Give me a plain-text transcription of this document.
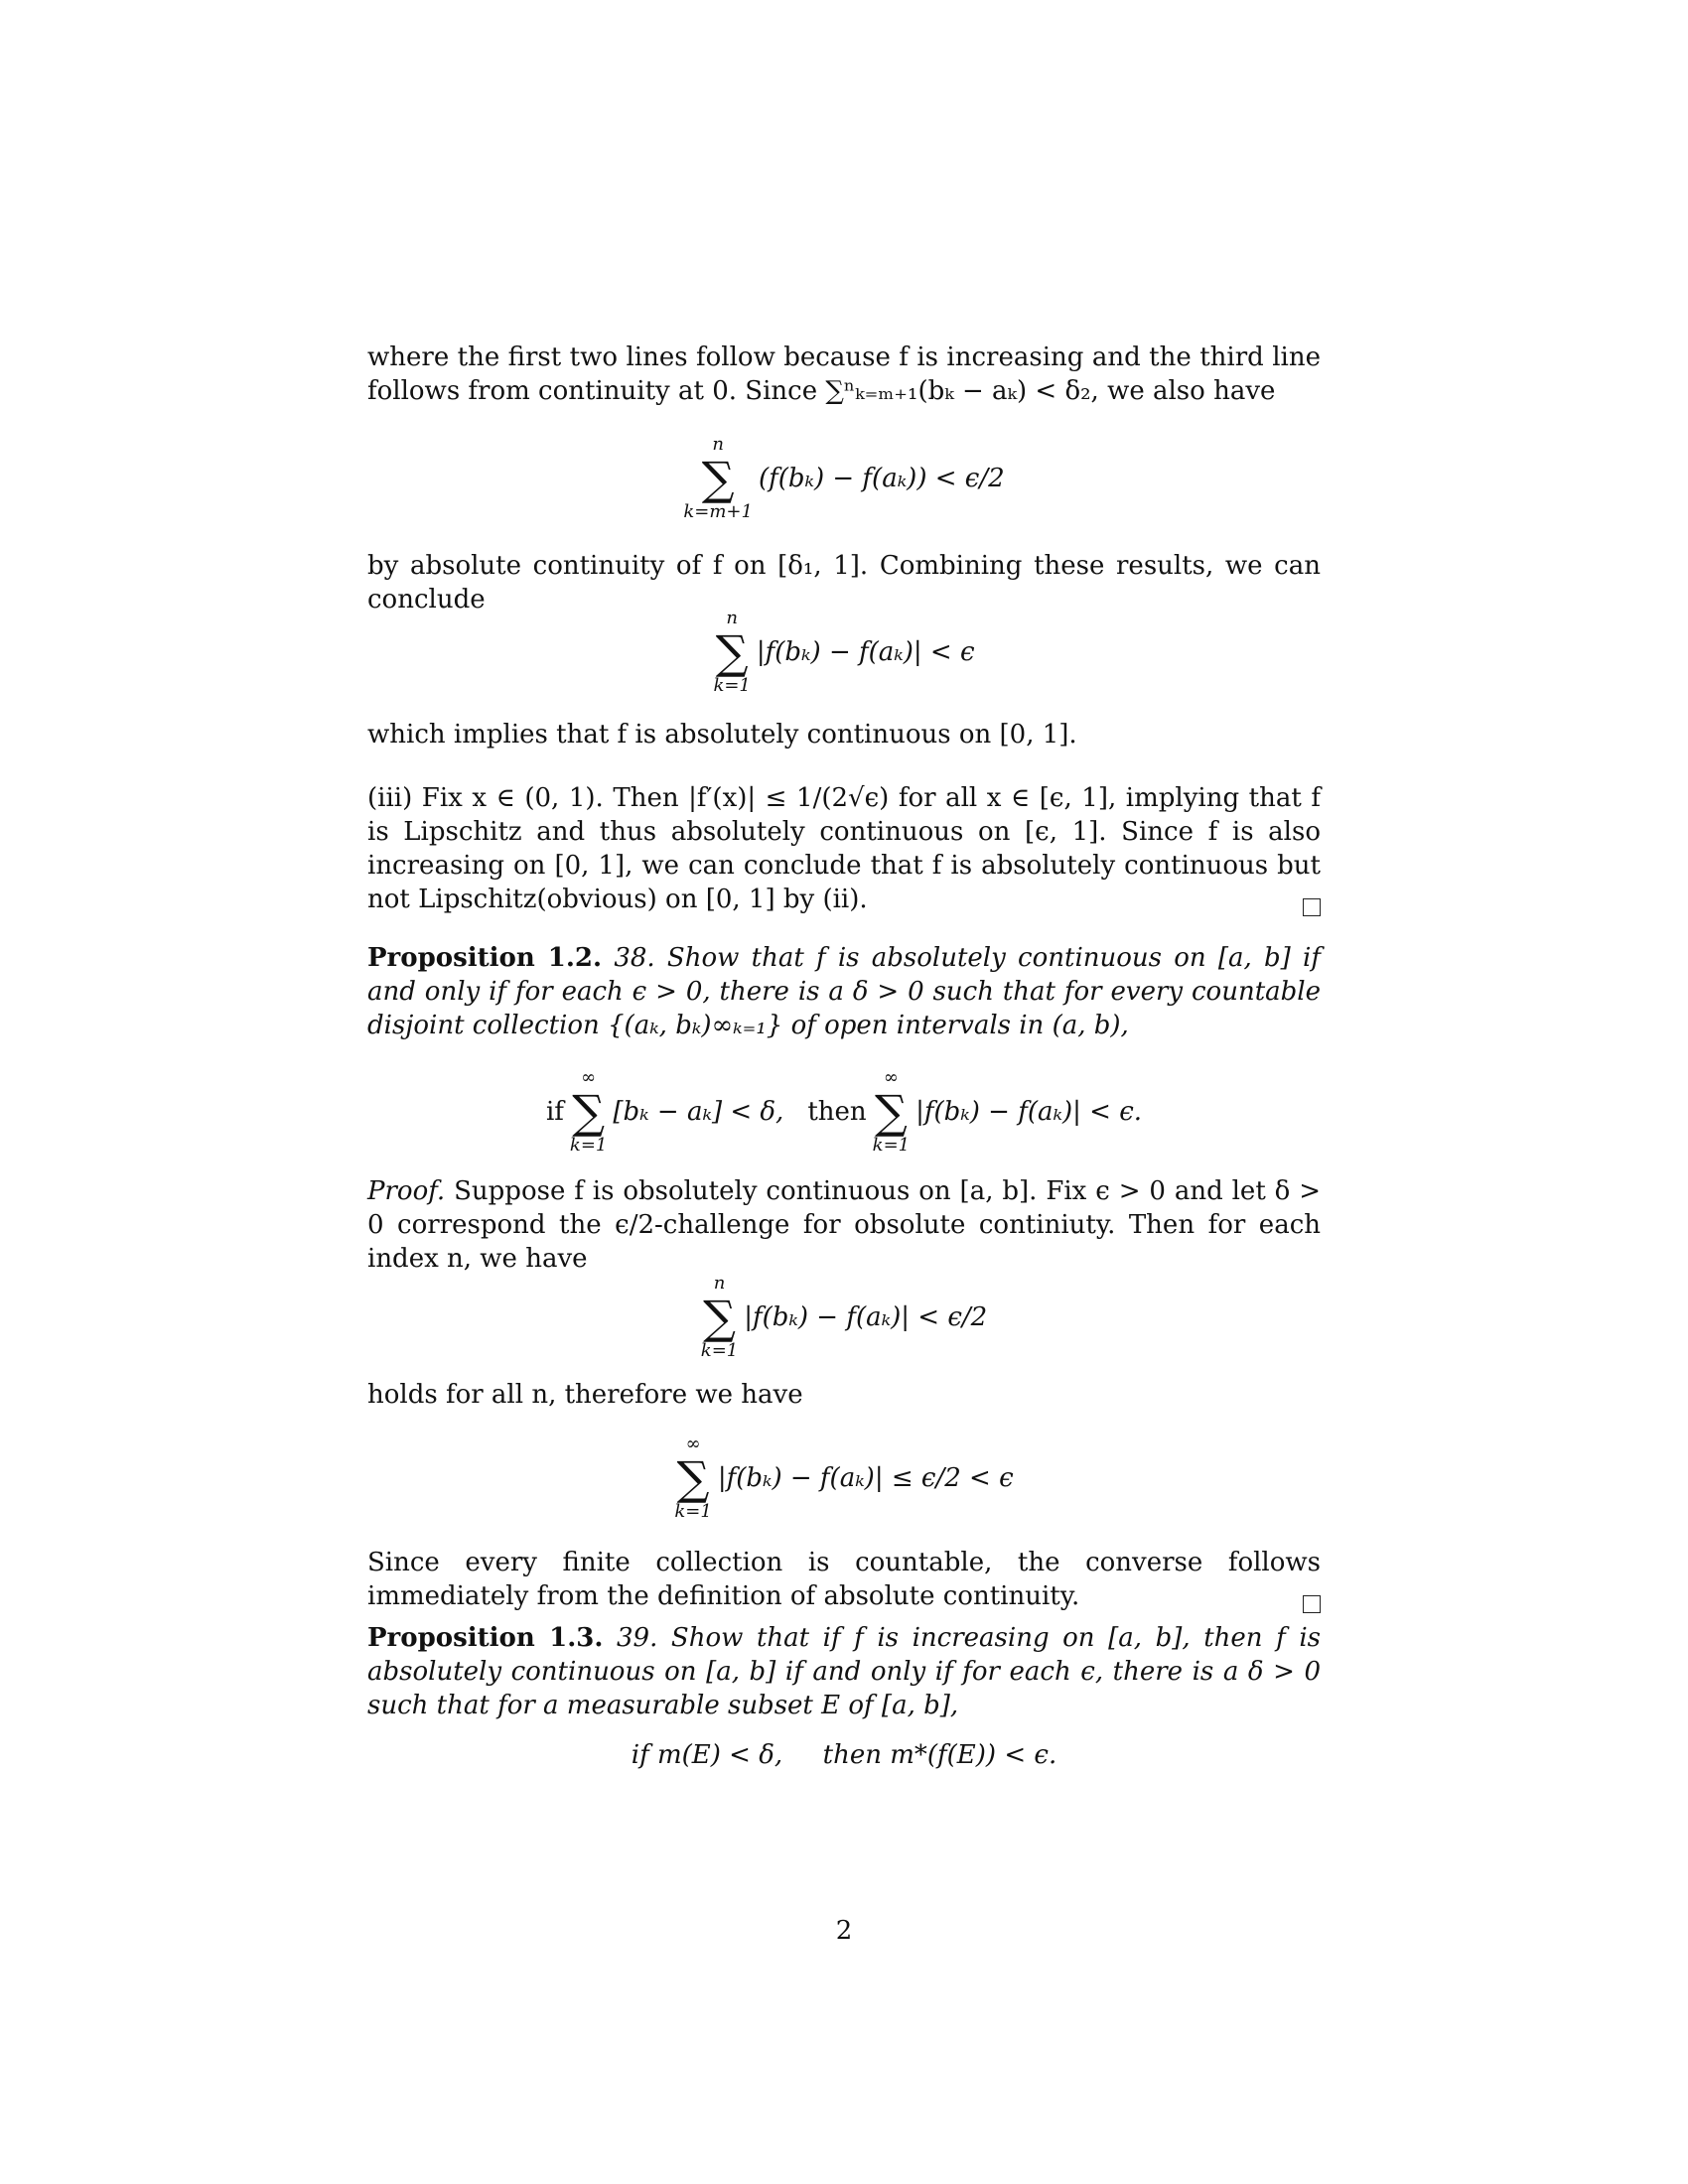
where the first two lines follow because f is increasing and the third line follows from continuity at 0. Since ∑ⁿₖ₌ₘ₊₁(bₖ − aₖ) < δ₂, we also have

n
∑
k=m+1
(f(bₖ) − f(aₖ)) < ϵ/2

by absolute continuity of f on [δ₁, 1]. Combining these results, we can conclude

n
∑
k=1
|f(bₖ) − f(aₖ)| < ϵ

which implies that f is absolutely continuous on [0, 1].

(iii) Fix x ∈ (0, 1). Then |f′(x)| ≤ 1/(2√ϵ) for all x ∈ [ϵ, 1], implying that f is Lipschitz and thus absolutely continuous on [ϵ, 1]. Since f is also increasing on [0, 1], we can conclude that f is absolutely continuous but not Lipschitz(obvious) on [0, 1] by (ii).

Proposition 1.2. 38. Show that f is absolutely continuous on [a, b] if and only if for each ϵ > 0, there is a δ > 0 such that for every countable disjoint collection {(aₖ, bₖ)∞ₖ₌₁} of open intervals in (a, b),

if
∞
∑
k=1
[bₖ − aₖ] < δ, then
∞
∑
k=1
|f(bₖ) − f(aₖ)| < ϵ.

Proof. Suppose f is obsolutely continuous on [a, b]. Fix ϵ > 0 and let δ > 0 correspond the ϵ/2-challenge for obsolute continiuty. Then for each index n, we have

n
∑
k=1
|f(bₖ) − f(aₖ)| < ϵ/2

holds for all n, therefore we have

∞
∑
k=1
|f(bₖ) − f(aₖ)| ≤ ϵ/2 < ϵ

Since every finite collection is countable, the converse follows immediately from the definition of absolute continuity.

Proposition 1.3. 39. Show that if f is increasing on [a, b], then f is absolutely continuous on [a, b] if and only if for each ϵ, there is a δ > 0 such that for a measurable subset E of [a, b],

if m(E) < δ, then m*(f(E)) < ϵ.
2
